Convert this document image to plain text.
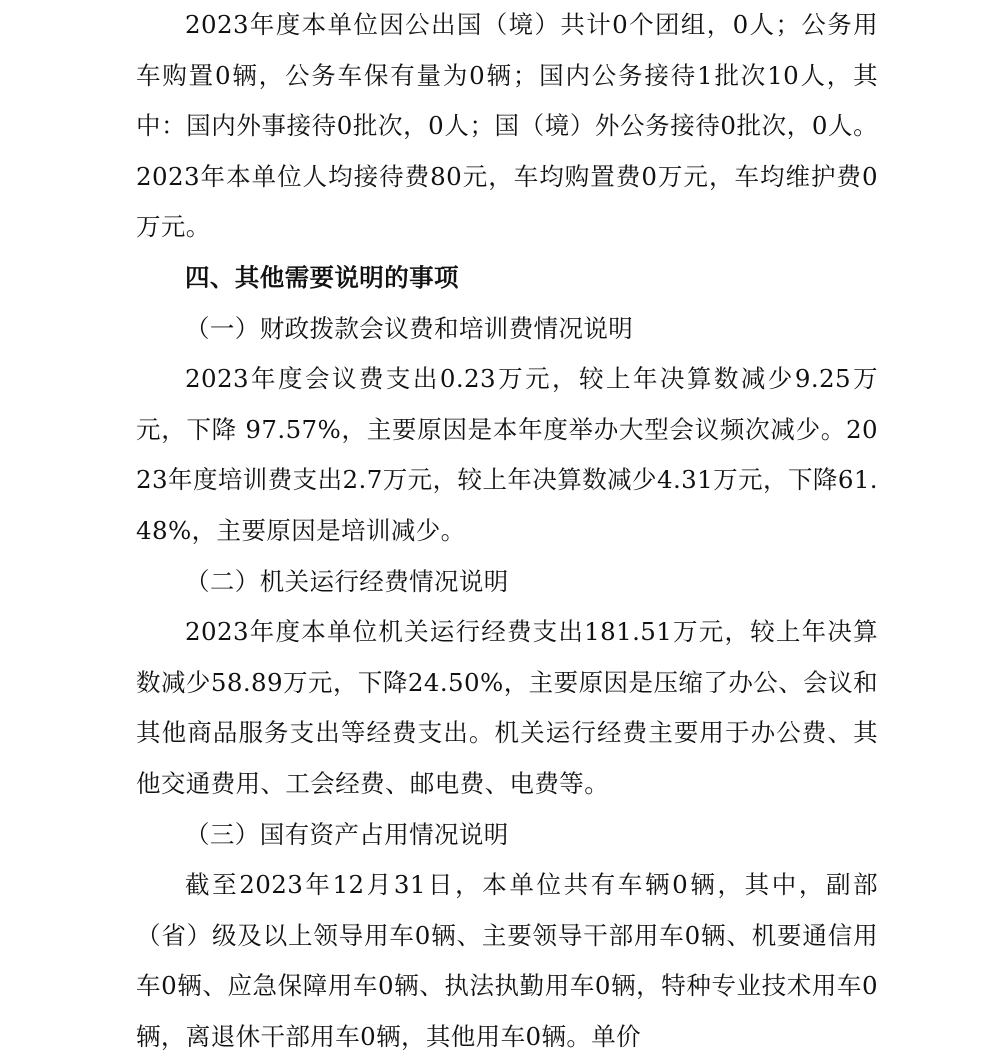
2023年度本单位因公出国（境）共计0个团组，0人；公务用车购置0辆，公务车保有量为0辆；国内公务接待1批次10人，其中：国内外事接待0批次，0人；国（境）外公务接待0批次，0人。2023年本单位人均接待费80元，车均购置费0万元，车均维护费0万元。

四、其他需要说明的事项

（一）财政拨款会议费和培训费情况说明

2023年度会议费支出0.23万元，较上年决算数减少9.25万元，下降 97.57%，主要原因是本年度举办大型会议频次减少。2023年度培训费支出2.7万元，较上年决算数减少4.31万元，下降61.48%，主要原因是培训减少。

（二）机关运行经费情况说明

2023年度本单位机关运行经费支出181.51万元，较上年决算数减少58.89万元，下降24.50%，主要原因是压缩了办公、会议和其他商品服务支出等经费支出。机关运行经费主要用于办公费、其他交通费用、工会经费、邮电费、电费等。

（三）国有资产占用情况说明

截至2023年12月31日，本单位共有车辆0辆，其中，副部（省）级及以上领导用车0辆、主要领导干部用车0辆、机要通信用车0辆、应急保障用车0辆、执法执勤用车0辆，特种专业技术用车0辆，离退休干部用车0辆，其他用车0辆。单价
